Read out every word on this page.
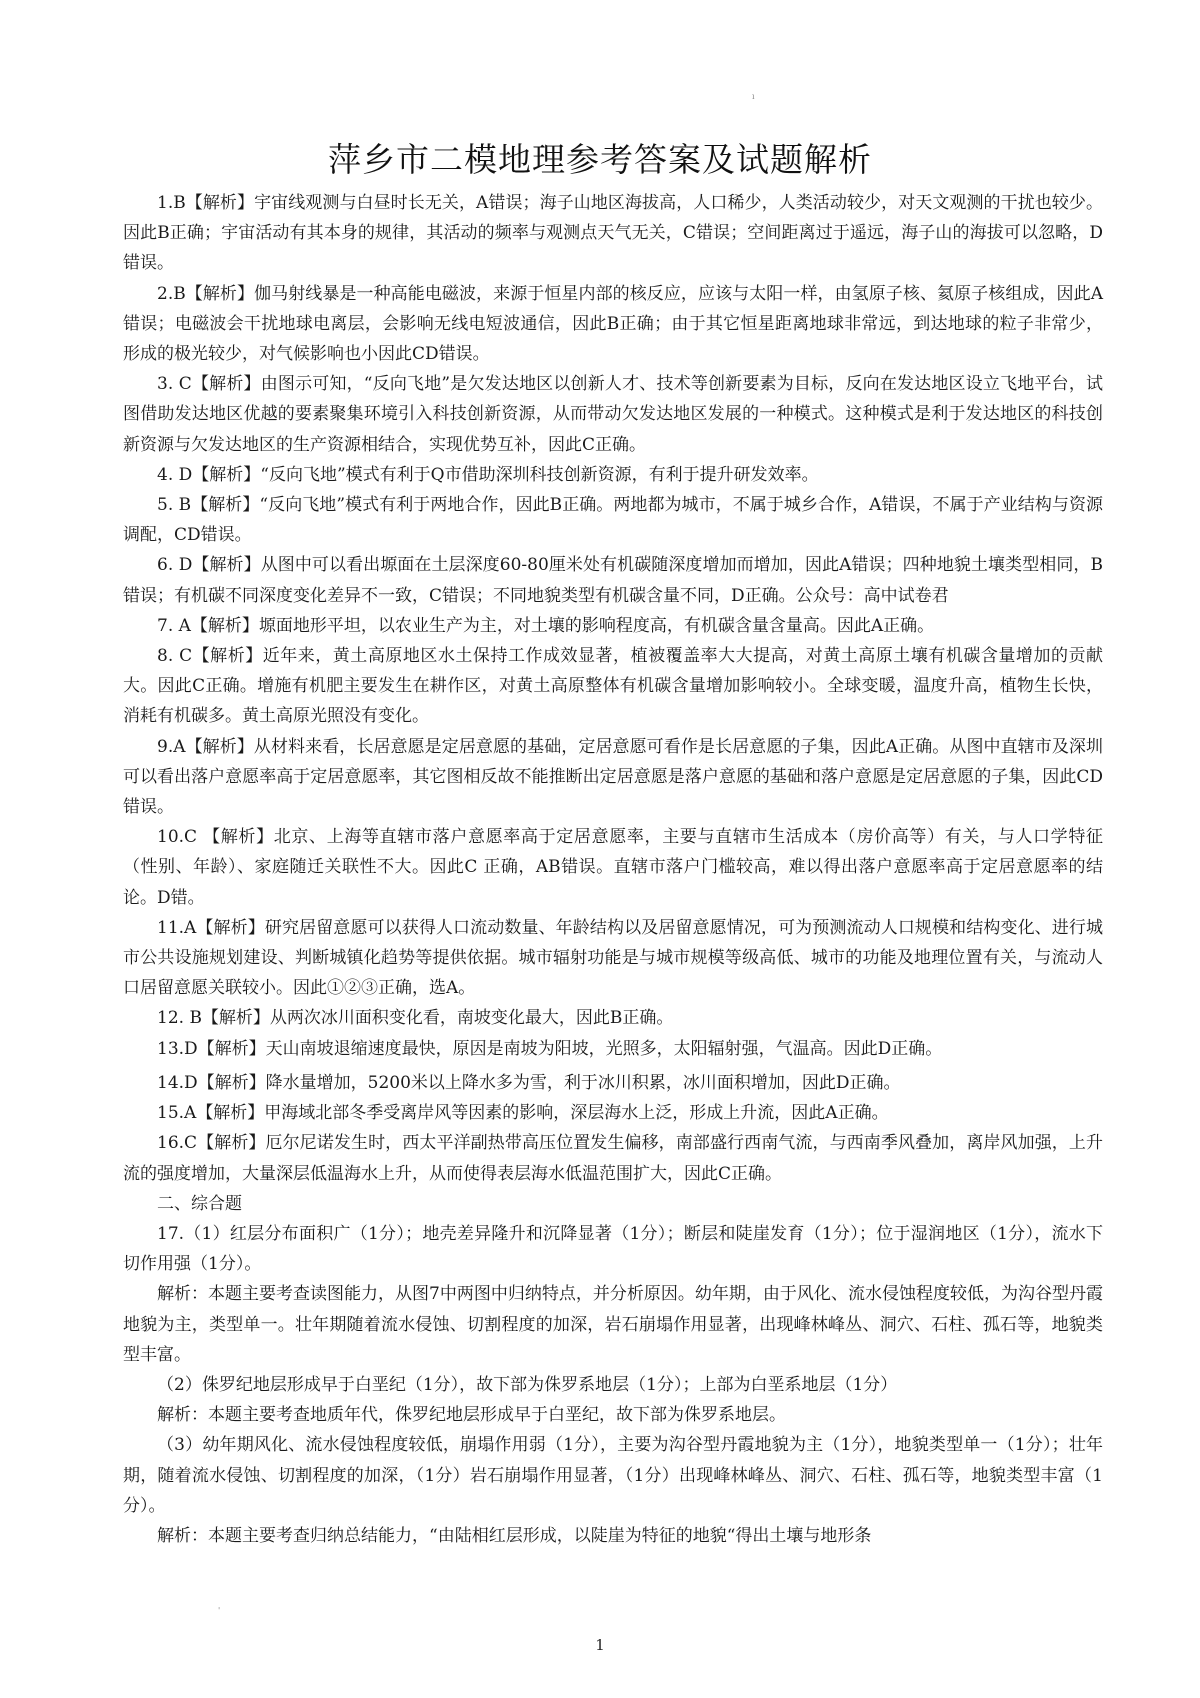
ı
'
萍乡市二模地理参考答案及试题解析

1.B【解析】宇宙线观测与白昼时长无关，A错误；海子山地区海拔高，人口稀少，人类活动较少，对天文观测的干扰也较少。因此B正确；宇宙活动有其本身的规律，其活动的频率与观测点天气无关，C错误；空间距离过于遥远，海子山的海拔可以忽略，D错误。

2.B【解析】伽马射线暴是一种高能电磁波，来源于恒星内部的核反应，应该与太阳一样，由氢原子核、氦原子核组成，因此A错误；电磁波会干扰地球电离层，会影响无线电短波通信，因此B正确；由于其它恒星距离地球非常远，到达地球的粒子非常少，形成的极光较少，对气候影响也小因此CD错误。

3. C【解析】由图示可知，“反向飞地”是欠发达地区以创新人才、技术等创新要素为目标，反向在发达地区设立飞地平台，试图借助发达地区优越的要素聚集环境引入科技创新资源，从而带动欠发达地区发展的一种模式。这种模式是利于发达地区的科技创新资源与欠发达地区的生产资源相结合，实现优势互补，因此C正确。

4. D【解析】“反向飞地”模式有利于Q市借助深圳科技创新资源，有利于提升研发效率。

5. B【解析】“反向飞地”模式有利于两地合作，因此B正确。两地都为城市，不属于城乡合作，A错误，不属于产业结构与资源调配，CD错误。

6. D【解析】从图中可以看出塬面在土层深度60-80厘米处有机碳随深度增加而增加，因此A错误；四种地貌土壤类型相同，B错误；有机碳不同深度变化差异不一致，C错误；不同地貌类型有机碳含量不同，D正确。公众号：高中试卷君

7. A【解析】塬面地形平坦，以农业生产为主，对土壤的影响程度高，有机碳含量含量高。因此A正确。

8. C【解析】近年来，黄土高原地区水土保持工作成效显著，植被覆盖率大大提高，对黄土高原土壤有机碳含量增加的贡献大。因此C正确。增施有机肥主要发生在耕作区，对黄土高原整体有机碳含量增加影响较小。全球变暖，温度升高，植物生长快，消耗有机碳多。黄土高原光照没有变化。

9.A【解析】从材料来看，长居意愿是定居意愿的基础，定居意愿可看作是长居意愿的子集，因此A正确。从图中直辖市及深圳可以看出落户意愿率高于定居意愿率，其它图相反故不能推断出定居意愿是落户意愿的基础和落户意愿是定居意愿的子集，因此CD错误。

10.C 【解析】北京、上海等直辖市落户意愿率高于定居意愿率，主要与直辖市生活成本（房价高等）有关，与人口学特征（性别、年龄）、家庭随迁关联性不大。因此C 正确，AB错误。直辖市落户门槛较高，难以得出落户意愿率高于定居意愿率的结论。D错。

11.A【解析】研究居留意愿可以获得人口流动数量、年龄结构以及居留意愿情况，可为预测流动人口规模和结构变化、进行城市公共设施规划建设、判断城镇化趋势等提供依据。城市辐射功能是与城市规模等级高低、城市的功能及地理位置有关，与流动人口居留意愿关联较小。因此①②③正确，选A。

12. B【解析】从两次冰川面积变化看，南坡变化最大，因此B正确。

13.D【解析】天山南坡退缩速度最快，原因是南坡为阳坡，光照多，太阳辐射强，气温高。因此D正确。

14.D【解析】降水量增加，5200米以上降水多为雪，利于冰川积累，冰川面积增加，因此D正确。

15.A【解析】甲海域北部冬季受离岸风等因素的影响，深层海水上泛，形成上升流，因此A正确。

16.C【解析】厄尔尼诺发生时，西太平洋副热带高压位置发生偏移，南部盛行西南气流，与西南季风叠加，离岸风加强，上升流的强度增加，大量深层低温海水上升，从而使得表层海水低温范围扩大，因此C正确。

二、综合题

17.（1）红层分布面积广（1分）；地壳差异隆升和沉降显著（1分）；断层和陡崖发育（1分）；位于湿润地区（1分），流水下切作用强（1分）。

解析：本题主要考查读图能力，从图7中两图中归纳特点，并分析原因。幼年期，由于风化、流水侵蚀程度较低，为沟谷型丹霞地貌为主，类型单一。壮年期随着流水侵蚀、切割程度的加深，岩石崩塌作用显著，出现峰林峰丛、洞穴、石柱、孤石等，地貌类型丰富。

（2）侏罗纪地层形成早于白垩纪（1分），故下部为侏罗系地层（1分）；上部为白垩系地层（1分）

解析：本题主要考查地质年代，侏罗纪地层形成早于白垩纪，故下部为侏罗系地层。

（3）幼年期风化、流水侵蚀程度较低，崩塌作用弱（1分），主要为沟谷型丹霞地貌为主（1分），地貌类型单一（1分）；壮年期，随着流水侵蚀、切割程度的加深，（1分）岩石崩塌作用显著，（1分）出现峰林峰丛、洞穴、石柱、孤石等，地貌类型丰富（1分）。

解析：本题主要考查归纳总结能力，“由陆相红层形成，以陡崖为特征的地貌“得出土壤与地形条

1
